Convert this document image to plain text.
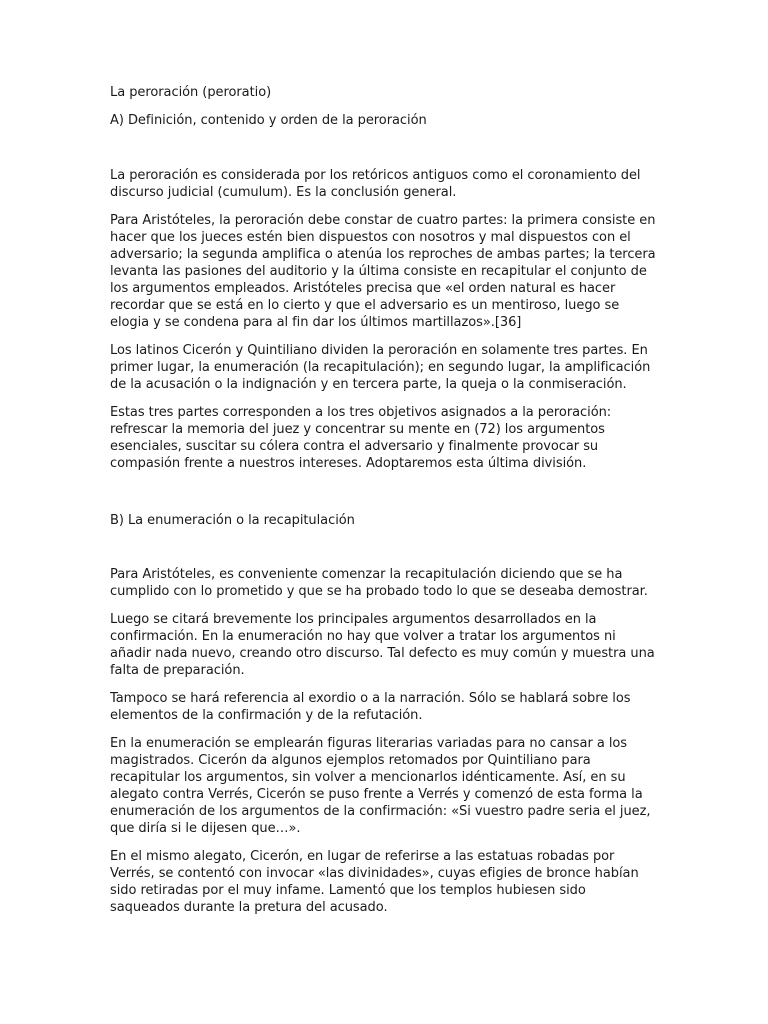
La peroración (peroratio)

A) Definición, contenido y orden de la peroración

La peroración es considerada por los retóricos antiguos como el coronamiento del discurso judicial (cumulum). Es la conclusión general.

Para Aristóteles, la peroración debe constar de cuatro partes: la primera consiste en hacer que los jueces estén bien dispuestos con nosotros y mal dispuestos con el adversario; la segunda amplifica o atenúa los reproches de ambas partes; la tercera levanta las pasiones del auditorio y la última consiste en recapitular el conjunto de los argumentos empleados. Aristóteles precisa que «el orden natural es hacer recordar que se está en lo cierto y que el adversario es un mentiroso, luego se elogia y se condena para al fin dar los últimos martillazos».[36]

Los latinos Cicerón y Quintiliano dividen la peroración en solamente tres partes. En primer lugar, la enumeración (la recapitulación); en segundo lugar, la amplificación de la acusación o la indignación y en tercera parte, la queja o la conmiseración.

Estas tres partes corresponden a los tres objetivos asignados a la peroración: refrescar la memoria del juez y concentrar su mente en (72) los argumentos esenciales, suscitar su cólera contra el adversario y finalmente provocar su compasión frente a nuestros intereses. Adoptaremos esta última división.

B) La enumeración o la recapitulación

Para Aristóteles, es conveniente comenzar la recapitulación diciendo que se ha cumplido con lo prometido y que se ha probado todo lo que se deseaba demostrar.

Luego se citará brevemente los principales argumentos desarrollados en la confirmación. En la enumeración no hay que volver a tratar los argumentos ni añadir nada nuevo, creando otro discurso. Tal defecto es muy común y muestra una falta de preparación.

Tampoco se hará referencia al exordio o a la narración. Sólo se hablará sobre los elementos de la confirmación y de la refutación.

En la enumeración se emplearán figuras literarias variadas para no cansar a los magistrados. Cicerón da algunos ejemplos retomados por Quintiliano para recapitular los argumentos, sin volver a mencionarlos idénticamente. Así, en su alegato contra Verrés, Cicerón se puso frente a Verrés y comenzó de esta forma la enumeración de los argumentos de la confirmación: «Si vuestro padre seria el juez, que diría si le dijesen que…».

En el mismo alegato, Cicerón, en lugar de referirse a las estatuas robadas por Verrés, se contentó con invocar «las divinidades», cuyas efigies de bronce habían sido retiradas por el muy infame. Lamentó que los templos hubiesen sido saqueados durante la pretura del acusado.
